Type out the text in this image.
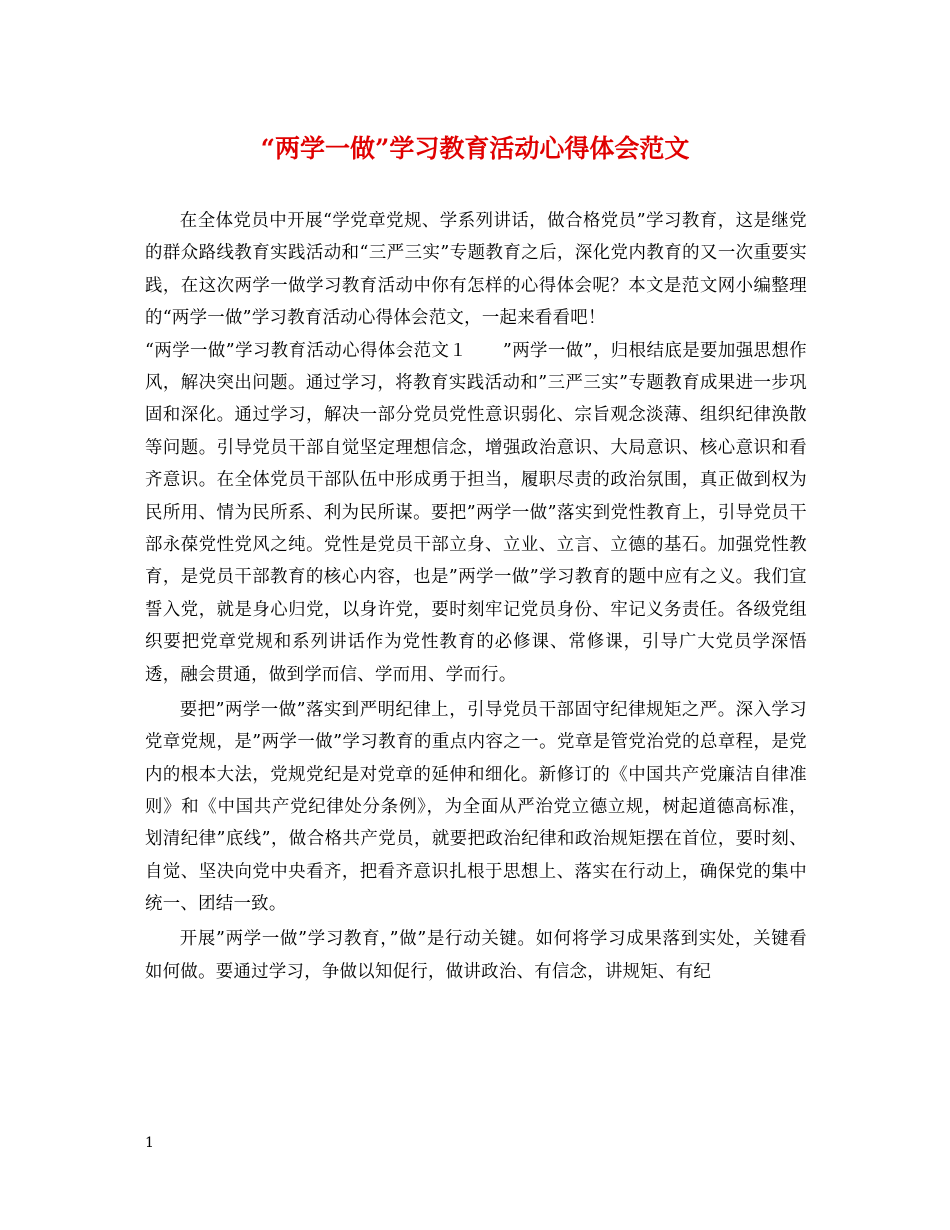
“两学一做”学习教育活动心得体会范文

在全体党员中开展“学党章党规、学系列讲话，做合格党员”学习教育，这是继党的群众路线教育实践活动和“三严三实”专题教育之后，深化党内教育的又一次重要实践，在这次两学一做学习教育活动中你有怎样的心得体会呢？本文是范文网小编整理的“两学一做”学习教育活动心得体会范文，一起来看看吧！

“两学一做”学习教育活动心得体会范文１　　”两学一做”，归根结底是要加强思想作风，解决突出问题。通过学习，将教育实践活动和”三严三实”专题教育成果进一步巩固和深化。通过学习，解决一部分党员党性意识弱化、宗旨观念淡薄、组织纪律涣散等问题。引导党员干部自觉坚定理想信念，增强政治意识、大局意识、核心意识和看齐意识。在全体党员干部队伍中形成勇于担当，履职尽责的政治氛围，真正做到权为民所用、情为民所系、利为民所谋。要把”两学一做”落实到党性教育上，引导党员干部永葆党性党风之纯。党性是党员干部立身、立业、立言、立德的基石。加强党性教育，是党员干部教育的核心内容，也是”两学一做”学习教育的题中应有之义。我们宣誓入党，就是身心归党，以身许党，要时刻牢记党员身份、牢记义务责任。各级党组织要把党章党规和系列讲话作为党性教育的必修课、常修课，引导广大党员学深悟透，融会贯通，做到学而信、学而用、学而行。

要把”两学一做”落实到严明纪律上，引导党员干部固守纪律规矩之严。深入学习党章党规，是”两学一做”学习教育的重点内容之一。党章是管党治党的总章程，是党内的根本大法，党规党纪是对党章的延伸和细化。新修订的《中国共产党廉洁自律准则》和《中国共产党纪律处分条例》，为全面从严治党立德立规，树起道德高标准，划清纪律”底线”，做合格共产党员，就要把政治纪律和政治规矩摆在首位，要时刻、自觉、坚决向党中央看齐，把看齐意识扎根于思想上、落实在行动上，确保党的集中统一、团结一致。

开展”两学一做”学习教育，”做”是行动关键。如何将学习成果落到实处，关键看如何做。要通过学习，争做以知促行，做讲政治、有信念，讲规矩、有纪

1
